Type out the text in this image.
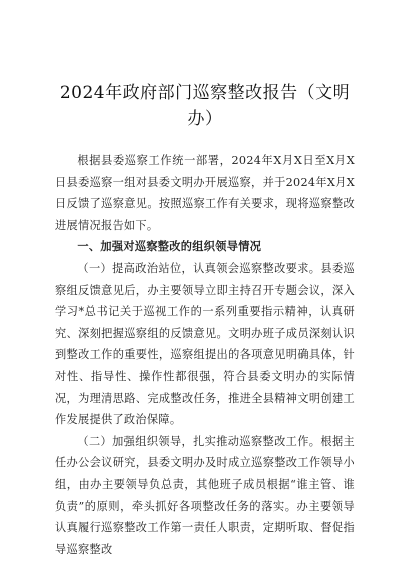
2024年政府部门巡察整改报告（文明办）

根据县委巡察工作统一部署，2024年X月X日至X月X日县委巡察一组对县委文明办开展巡察，并于2024年X月X日反馈了巡察意见。按照巡察工作有关要求，现将巡察整改进展情况报告如下。

一、加强对巡察整改的组织领导情况

（一）提高政治站位，认真领会巡察整改要求。县委巡察组反馈意见后，办主要领导立即主持召开专题会议，深入学习*总书记关于巡视工作的一系列重要指示精神，认真研究、深刻把握巡察组的反馈意见。文明办班子成员深刻认识到整改工作的重要性，巡察组提出的各项意见明确具体，针对性、指导性、操作性都很强，符合县委文明办的实际情况，为理清思路、完成整改任务，推进全县精神文明创建工作发展提供了政治保障。

（二）加强组织领导，扎实推动巡察整改工作。根据主任办公会议研究，县委文明办及时成立巡察整改工作领导小组，由办主要领导负总责，其他班子成员根据“谁主管、谁负责”的原则，牵头抓好各项整改任务的落实。办主要领导认真履行巡察整改工作第一责任人职责，定期听取、督促指导巡察整改
